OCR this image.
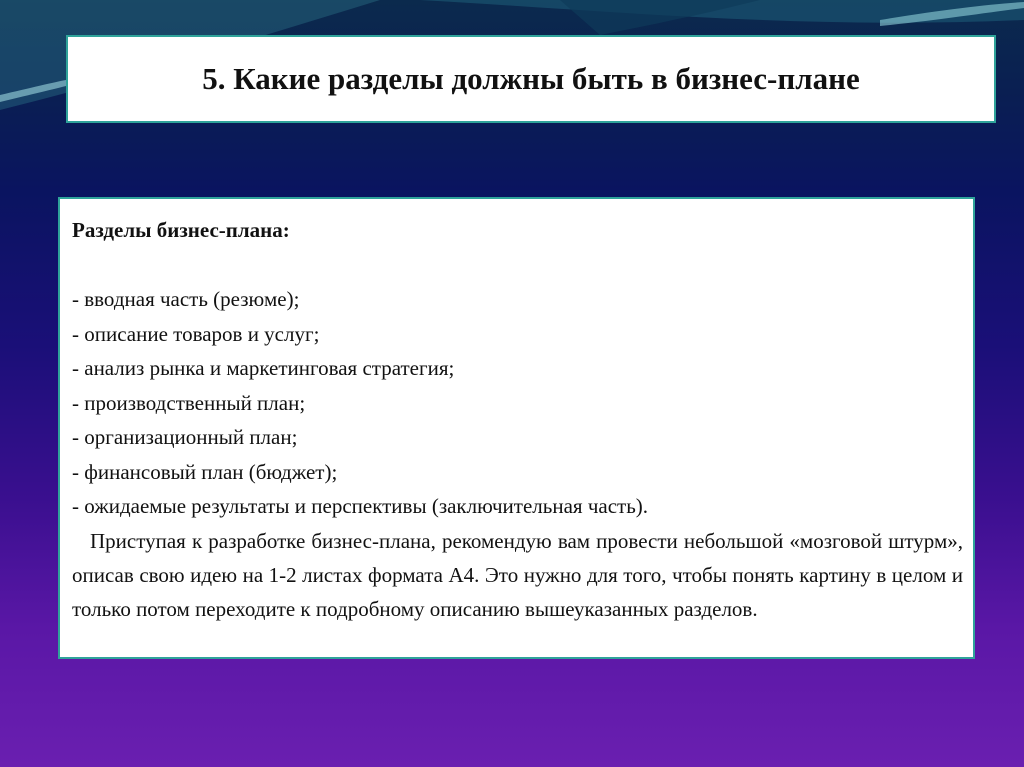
5. Какие разделы должны быть в бизнес-плане

Разделы бизнес-плана:

- вводная часть (резюме);

- описание товаров и услуг;

- анализ рынка и маркетинговая стратегия;

- производственный план;

- организационный план;

- финансовый план (бюджет);

- ожидаемые результаты и перспективы (заключительная часть).

Приступая к разработке бизнес-плана, рекомендую вам провести небольшой «мозговой штурм», описав свою идею на 1-2 листах формата А4. Это нужно для того, чтобы понять картину в целом и только потом переходите к подробному описанию вышеуказанных разделов.
